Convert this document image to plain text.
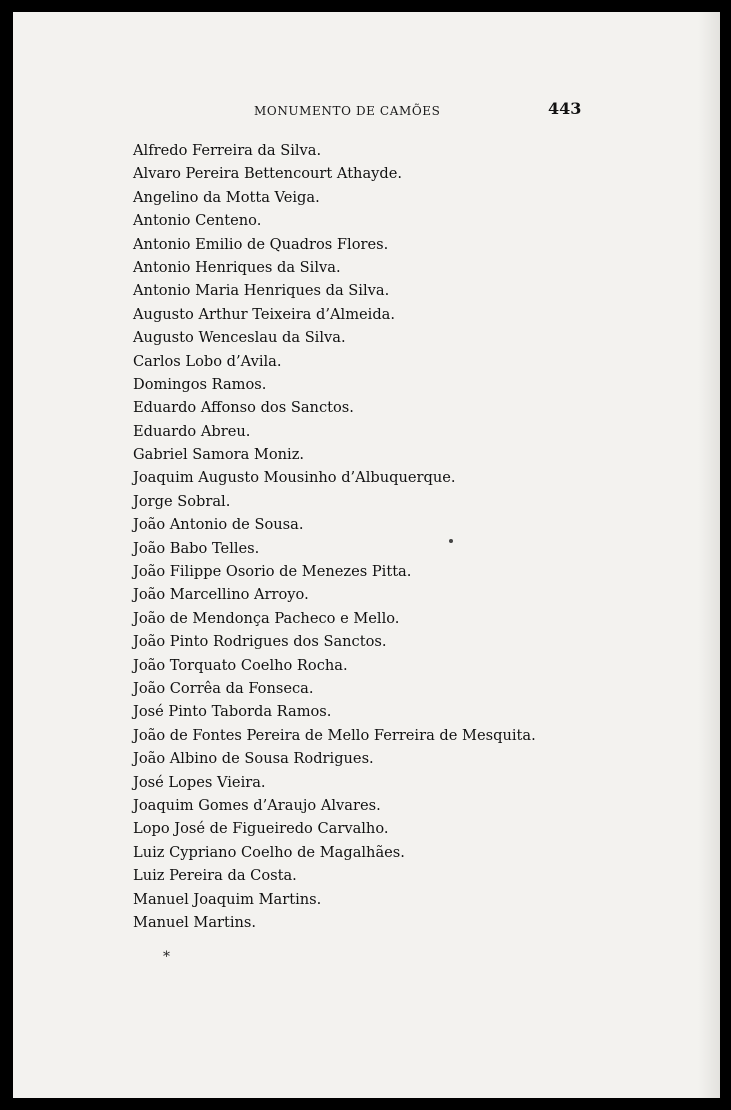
MONUMENTO DE CAMÕES	443
Alfredo Ferreira da Silva.
Alvaro Pereira Bettencourt Athayde.
Angelino da Motta Veiga.
Antonio Centeno.
Antonio Emilio de Quadros Flores.
Antonio Henriques da Silva.
Antonio Maria Henriques da Silva.
Augusto Arthur Teixeira d’Almeida.
Augusto Wenceslau da Silva.
Carlos Lobo d’Avila.
Domingos Ramos.
Eduardo Affonso dos Sanctos.
Eduardo Abreu.
Gabriel Samora Moniz.
Joaquim Augusto Mousinho d’Albuquerque.
Jorge Sobral.
João Antonio de Sousa.
João Babo Telles.
João Filippe Osorio de Menezes Pitta.
João Marcellino Arroyo.
João de Mendonça Pacheco e Mello.
João Pinto Rodrigues dos Sanctos.
João Torquato Coelho Rocha.
João Corrêa da Fonseca.
José Pinto Taborda Ramos.
João de Fontes Pereira de Mello Ferreira de Mesquita.
João Albino de Sousa Rodrigues.
José Lopes Vieira.
Joaquim Gomes d’Araujo Alvares.
Lopo José de Figueiredo Carvalho.
Luiz Cypriano Coelho de Magalhães.
Luiz Pereira da Costa.
Manuel Joaquim Martins.
Manuel Martins.
*
